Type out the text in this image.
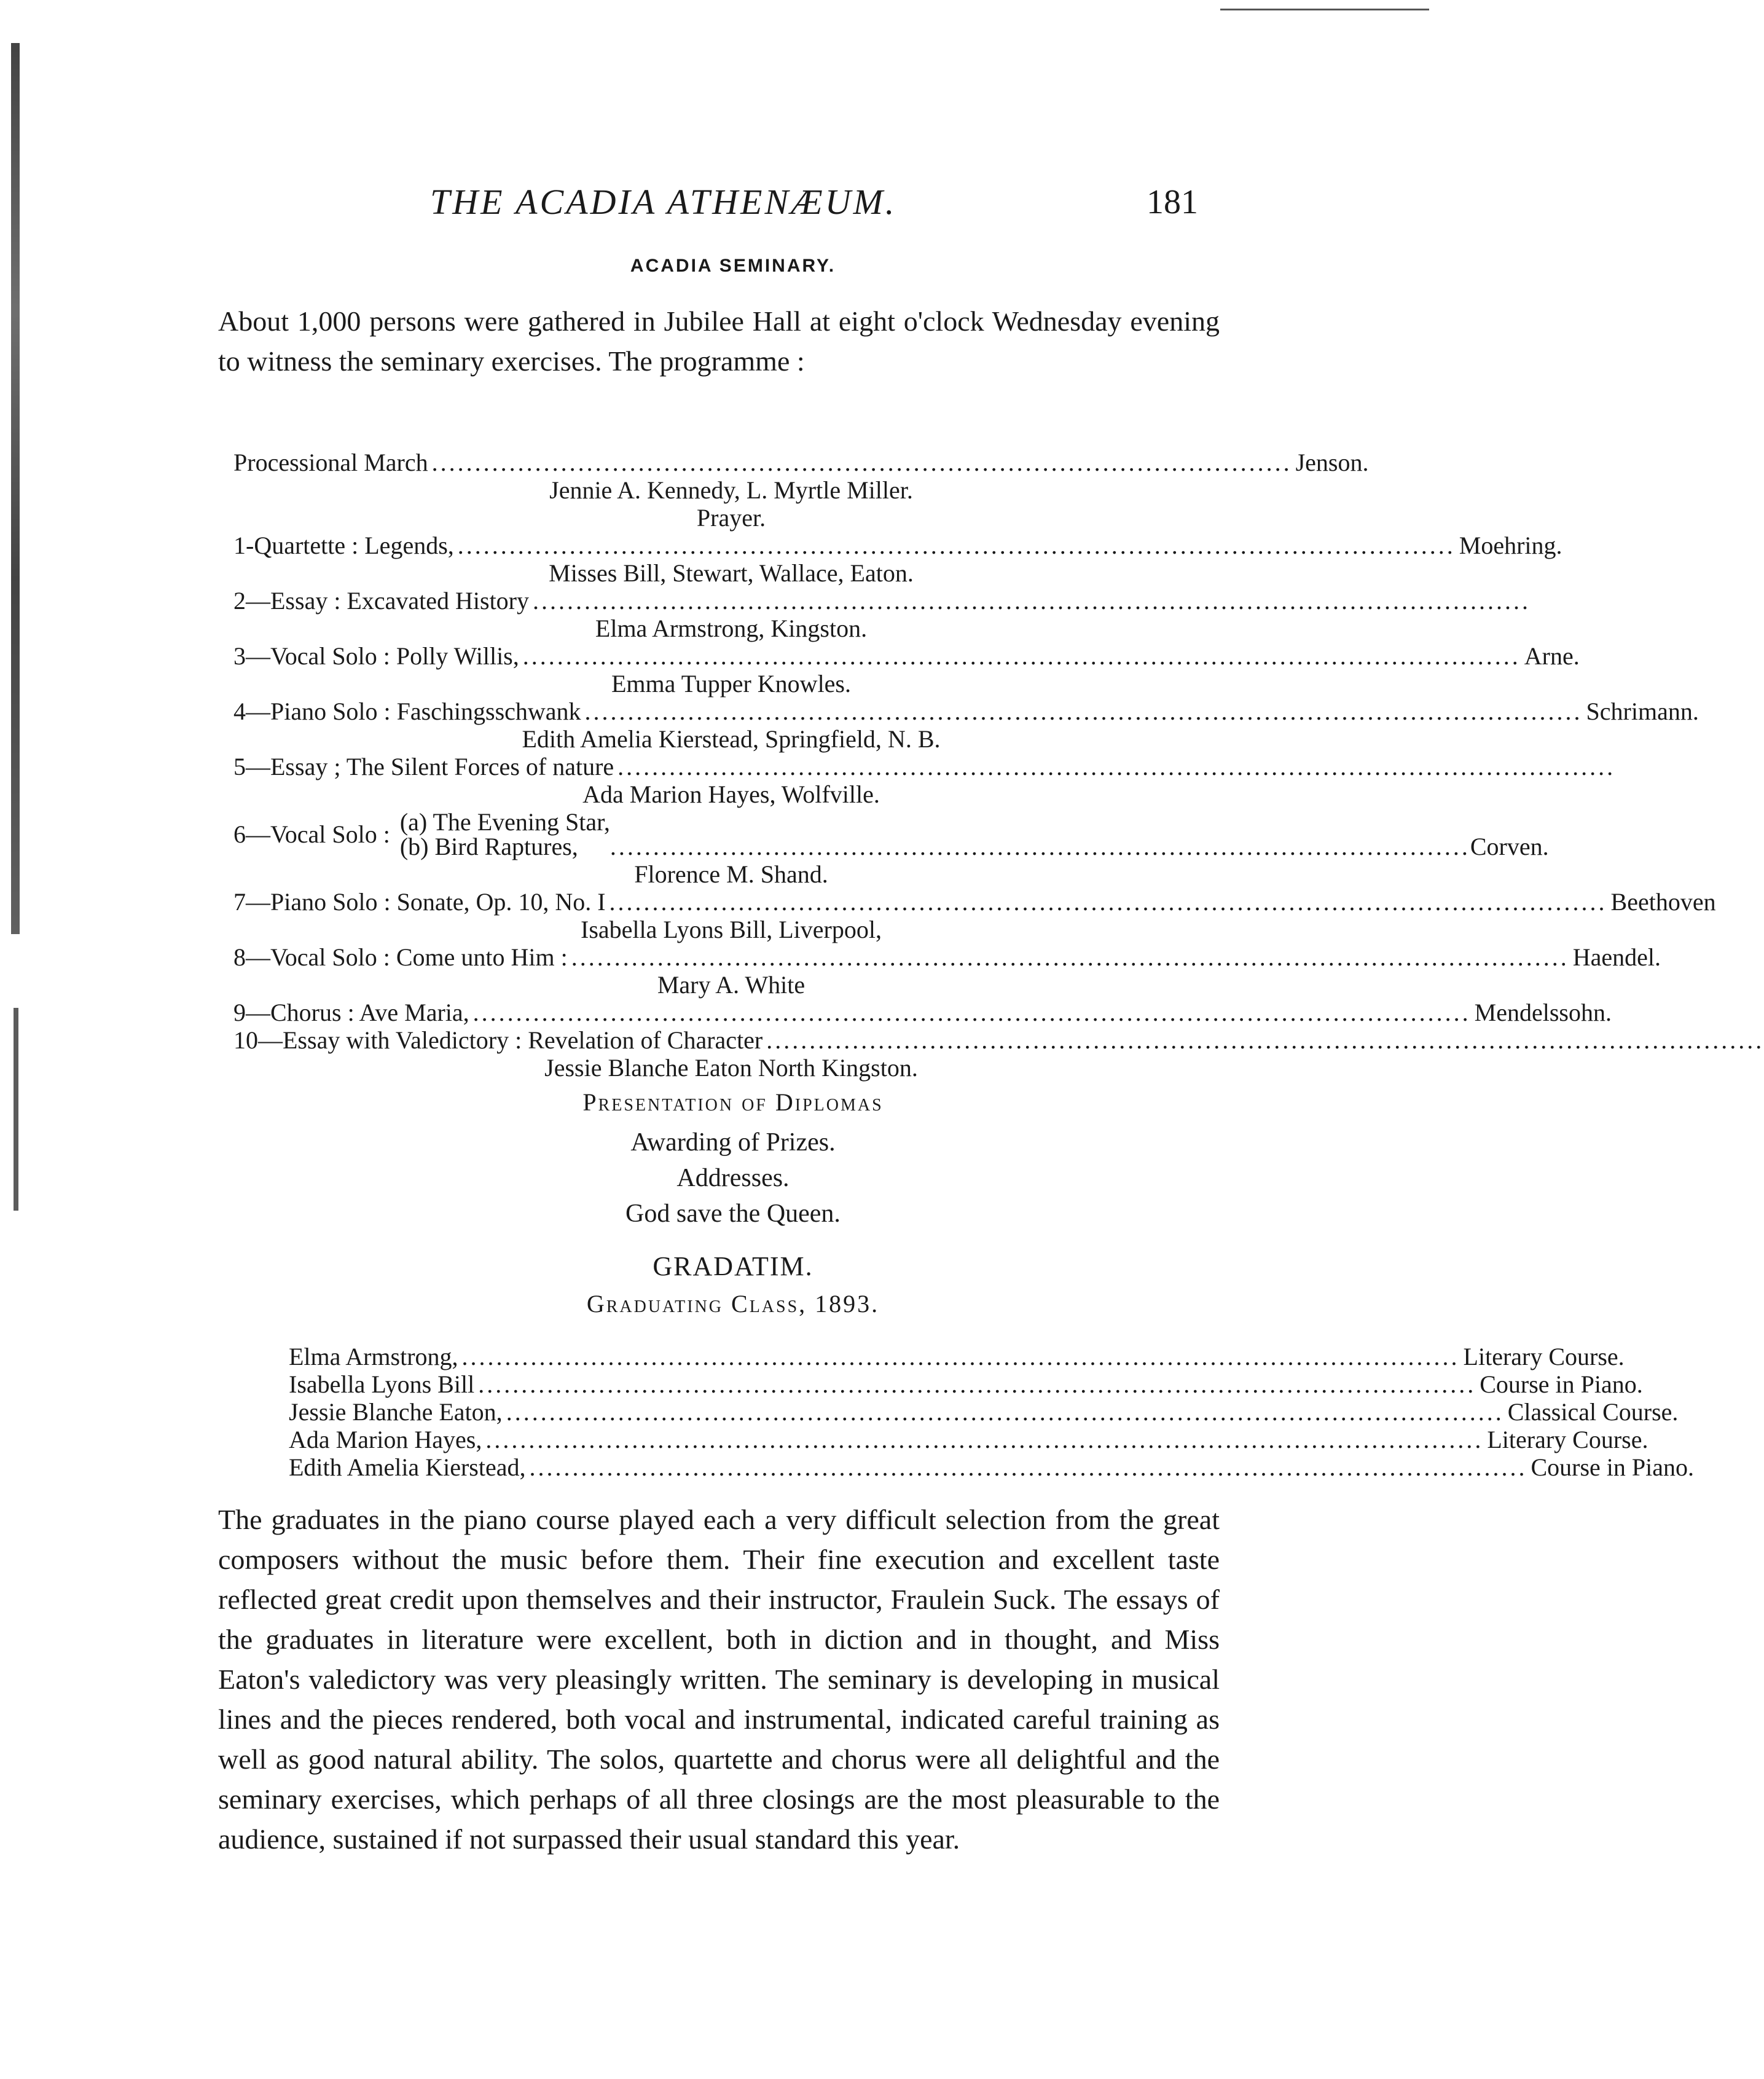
THE ACADIA ATHENÆUM.	181
ACADIA SEMINARY.

About 1,000 persons were gathered in Jubilee Hall at eight o'clock Wednesday evening to witness the seminary exercises. The programme :

Processional March .................................................................................................... Jenson.
Jennie A. Kennedy, L. Myrtle Miller.
Prayer.
1-Quartette : Legends, .................................................................................................................... Moehring.
Misses Bill, Stewart, Wallace, Eaton.
2—Essay : Excavated History ....................................................................................................................
Elma Armstrong, Kingston.
3—Vocal Solo : Polly Willis, .................................................................................................................... Arne.
Emma Tupper Knowles.
4—Piano Solo : Faschingsschwank .................................................................................................................... Schrimann.
Edith Amelia Kierstead, Springfield, N. B.
5—Essay ; The Silent Forces of nature ....................................................................................................................
Ada Marion Hayes, Wolfville.
6—Vocal Solo : (a) The Evening Star,
(b) Bird Raptures,	.................................................................................................... Corven.
Florence M. Shand.
7—Piano Solo : Sonate, Op. 10, No. I .................................................................................................................... Beethoven
Isabella Lyons Bill, Liverpool,
8—Vocal Solo : Come unto Him : .................................................................................................................... Haendel.
Mary A. White
9—Chorus : Ave Maria, .................................................................................................................... Mendelssohn.
10—Essay with Valedictory : Revelation of Character ....................................................................................................................
Jessie Blanche Eaton North Kingston.
Presentation of Diplomas
Awarding of Prizes.
Addresses.
God save the Queen.
GRADATIM.
Graduating Class, 1893.
Elma Armstrong, .................................................................................................................... Literary Course.
Isabella Lyons Bill .................................................................................................................... Course in Piano.
Jessie Blanche Eaton, .................................................................................................................... Classical Course.
Ada Marion Hayes, .................................................................................................................... Literary Course.
Edith Amelia Kierstead, .................................................................................................................... Course in Piano.

The graduates in the piano course played each a very difficult selection from the great composers without the music before them. Their fine execution and excellent taste reflected great credit upon themselves and their instructor, Fraulein Suck. The essays of the graduates in literature were excellent, both in diction and in thought, and Miss Eaton's valedictory was very pleasingly written. The seminary is developing in musical lines and the pieces rendered, both vocal and instrumental, indicated careful training as well as good natural ability. The solos, quartette and chorus were all delightful and the seminary exercises, which perhaps of all three closings are the most pleasurable to the audience, sustained if not surpassed their usual standard this year.
